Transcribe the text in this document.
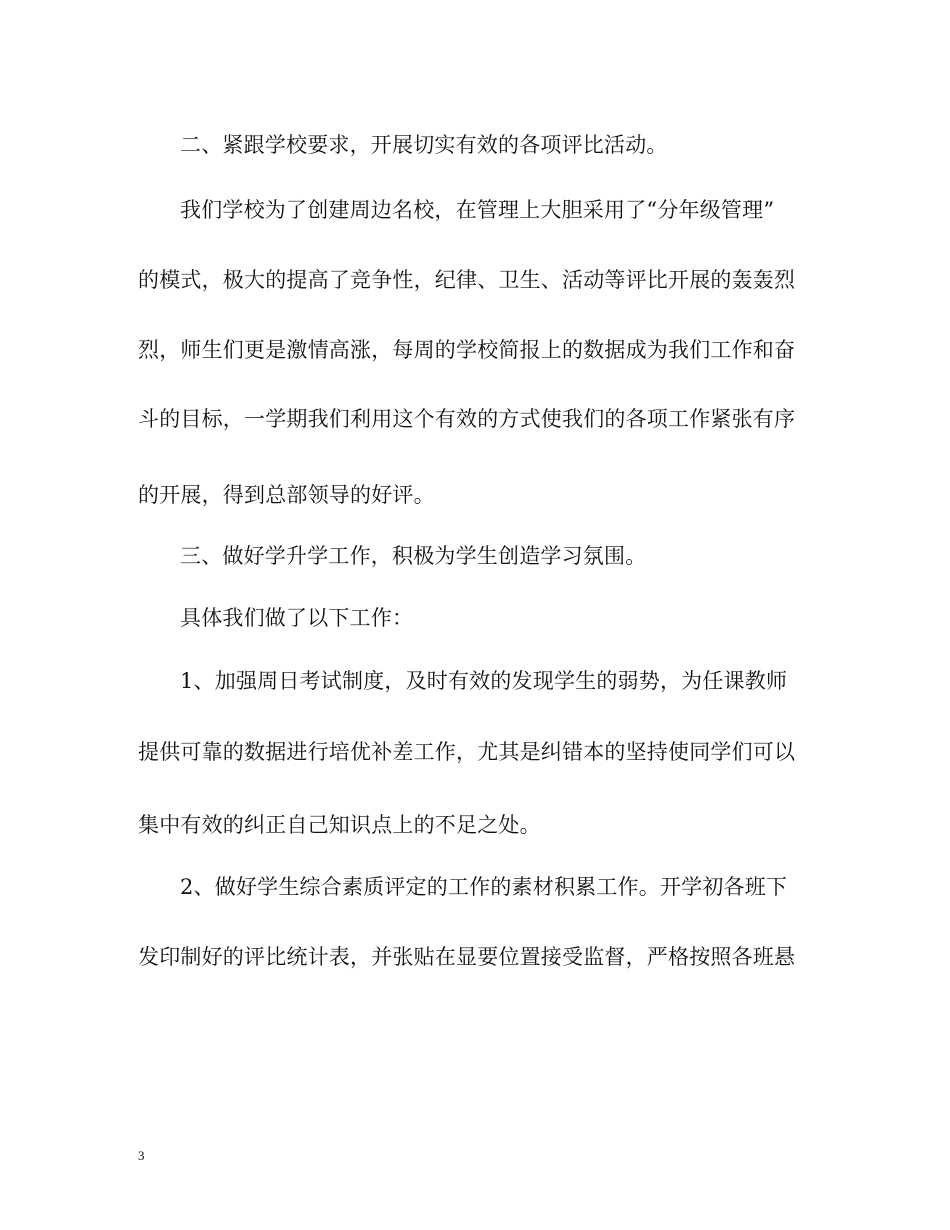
二、紧跟学校要求，开展切实有效的各项评比活动。
我们学校为了创建周边名校，在管理上大胆采用了“分年级管理”
的模式，极大的提高了竞争性，纪律、卫生、活动等评比开展的轰轰烈
烈，师生们更是激情高涨，每周的学校简报上的数据成为我们工作和奋
斗的目标，一学期我们利用这个有效的方式使我们的各项工作紧张有序
的开展，得到总部领导的好评。
三、做好学升学工作，积极为学生创造学习氛围。
具体我们做了以下工作：
1、加强周日考试制度，及时有效的发现学生的弱势，为任课教师
提供可靠的数据进行培优补差工作，尤其是纠错本的坚持使同学们可以
集中有效的纠正自己知识点上的不足之处。
2、做好学生综合素质评定的工作的素材积累工作。开学初各班下
发印制好的评比统计表，并张贴在显要位置接受监督，严格按照各班悬
3
